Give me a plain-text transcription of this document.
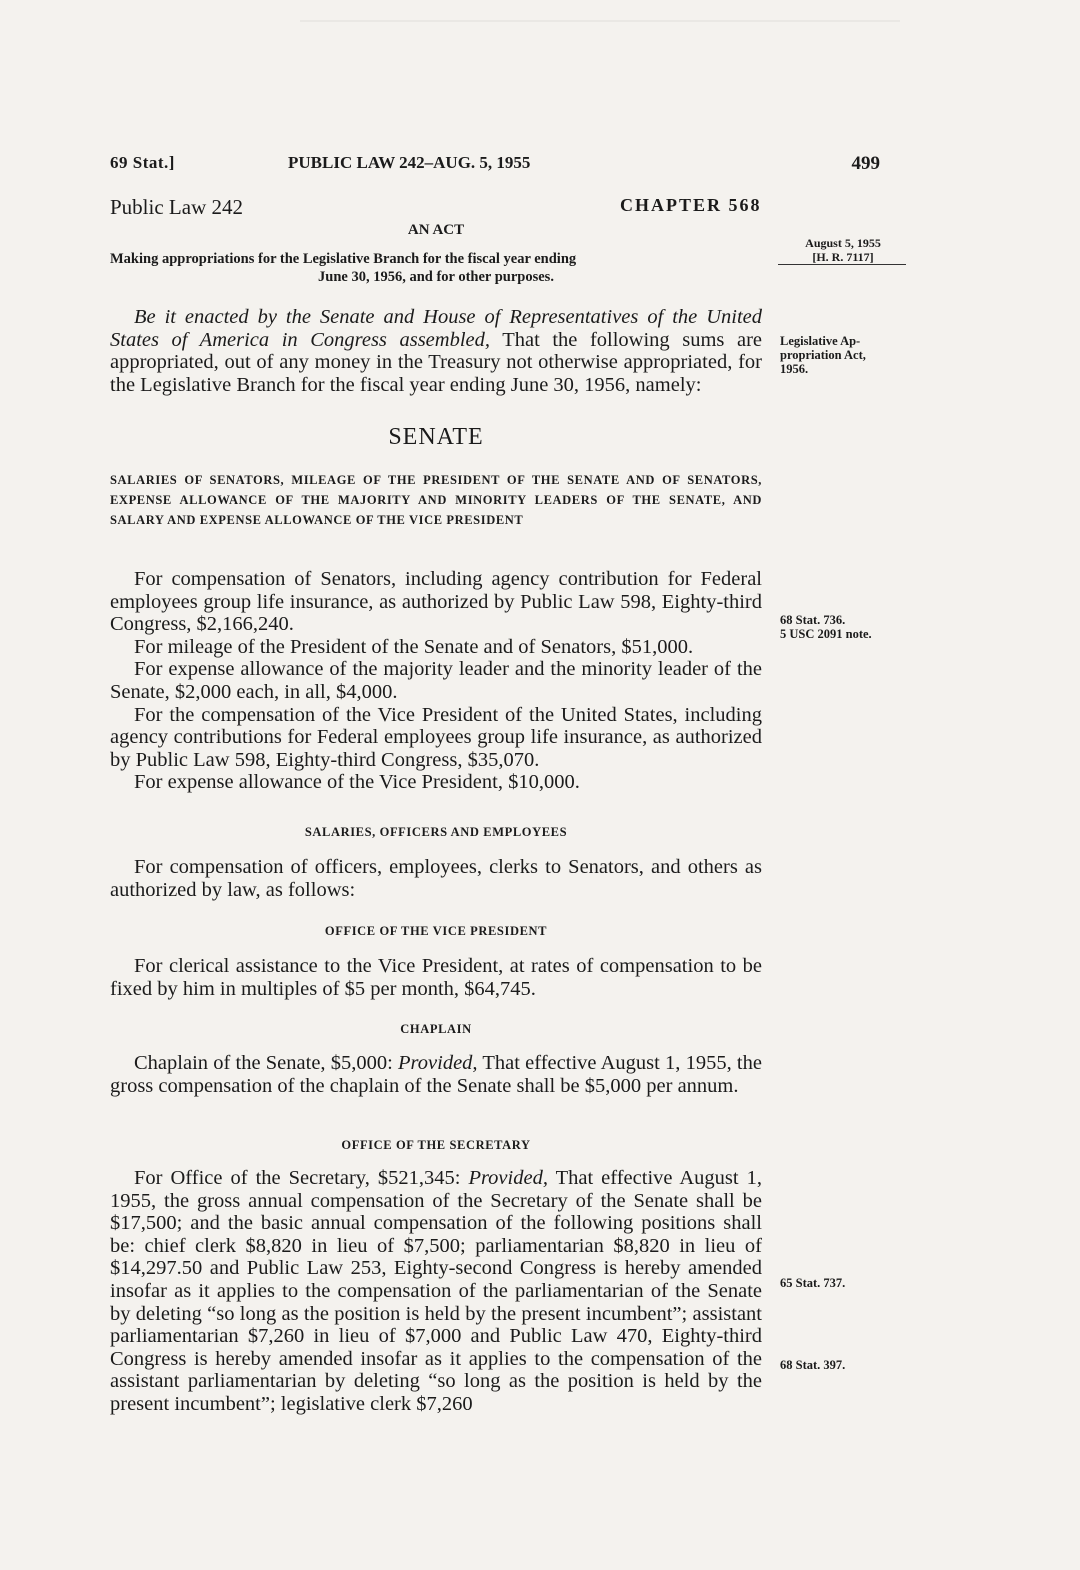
69 Stat.]	PUBLIC LAW 242–AUG. 5, 1955	499
Public Law 242	CHAPTER 568
AN ACT
Making appropriations for the Legislative Branch for the fiscal year ending
June 30, 1956, and for other purposes.
August 5, 1955
[H. R. 7117]
Legislative Ap-
propriation Act,
1956.
68 Stat. 736.
5 USC 2091 note.
65 Stat. 737.
68 Stat. 397.

Be it enacted by the Senate and House of Representatives of the United States of America in Congress assembled, That the following sums are appropriated, out of any money in the Treasury not otherwise appropriated, for the Legislative Branch for the fiscal year ending June 30, 1956, namely:

SENATE
SALARIES OF SENATORS, MILEAGE OF THE PRESIDENT OF THE SENATE AND OF SENATORS, EXPENSE ALLOWANCE OF THE MAJORITY AND MINORITY LEADERS OF THE SENATE, AND SALARY AND EXPENSE ALLOWANCE OF THE VICE PRESIDENT

For compensation of Senators, including agency contribution for Federal employees group life insurance, as authorized by Public Law 598, Eighty-third Congress, $2,166,240.

For mileage of the President of the Senate and of Senators, $51,000.

For expense allowance of the majority leader and the minority leader of the Senate, $2,000 each, in all, $4,000.

For the compensation of the Vice President of the United States, including agency contributions for Federal employees group life insurance, as authorized by Public Law 598, Eighty-third Congress, $35,070.

For expense allowance of the Vice President, $10,000.

SALARIES, OFFICERS AND EMPLOYEES

For compensation of officers, employees, clerks to Senators, and others as authorized by law, as follows:

OFFICE OF THE VICE PRESIDENT

For clerical assistance to the Vice President, at rates of compensation to be fixed by him in multiples of $5 per month, $64,745.

CHAPLAIN

Chaplain of the Senate, $5,000: Provided, That effective August 1, 1955, the gross compensation of the chaplain of the Senate shall be $5,000 per annum.

OFFICE OF THE SECRETARY

For Office of the Secretary, $521,345: Provided, That effective August 1, 1955, the gross annual compensation of the Secretary of the Senate shall be $17,500; and the basic annual compensation of the following positions shall be: chief clerk $8,820 in lieu of $7,500; parliamentarian $8,820 in lieu of $14,297.50 and Public Law 253, Eighty-second Congress is hereby amended insofar as it applies to the compensation of the parliamentarian of the Senate by deleting “so long as the position is held by the present incumbent”; assistant parliamentarian $7,260 in lieu of $7,000 and Public Law 470, Eighty-third Congress is hereby amended insofar as it applies to the compensation of the assistant parliamentarian by deleting “so long as the position is held by the present incumbent”; legislative clerk $7,260
